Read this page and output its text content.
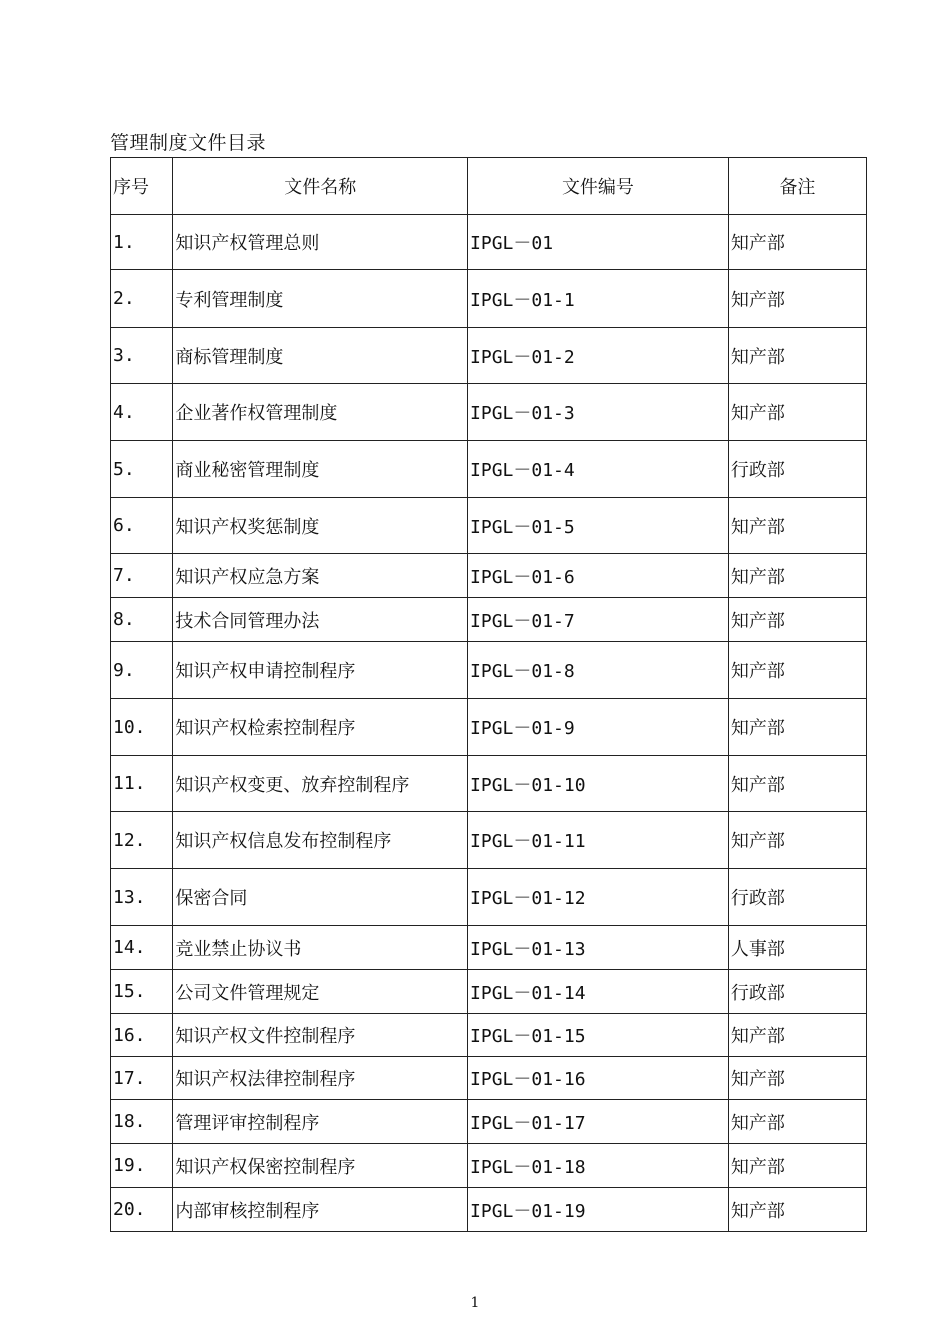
管理制度文件目录
序号	文件名称	文件编号	备注
1.	知识产权管理总则	IPGL－01	知产部
2.	专利管理制度	IPGL－01-1	知产部
3.	商标管理制度	IPGL－01-2	知产部
4.	企业著作权管理制度	IPGL－01-3	知产部
5.	商业秘密管理制度	IPGL－01-4	行政部
6.	知识产权奖惩制度	IPGL－01-5	知产部
7.	知识产权应急方案	IPGL－01-6	知产部
8.	技术合同管理办法	IPGL－01-7	知产部
9.	知识产权申请控制程序	IPGL－01-8	知产部
10.	知识产权检索控制程序	IPGL－01-9	知产部
11.	知识产权变更、放弃控制程序	IPGL－01-10	知产部
12.	知识产权信息发布控制程序	IPGL－01-11	知产部
13.	保密合同	IPGL－01-12	行政部
14.	竞业禁止协议书	IPGL－01-13	人事部
15.	公司文件管理规定	IPGL－01-14	行政部
16.	知识产权文件控制程序	IPGL－01-15	知产部
17.	知识产权法律控制程序	IPGL－01-16	知产部
18.	管理评审控制程序	IPGL－01-17	知产部
19.	知识产权保密控制程序	IPGL－01-18	知产部
20.	内部审核控制程序	IPGL－01-19	知产部
1
